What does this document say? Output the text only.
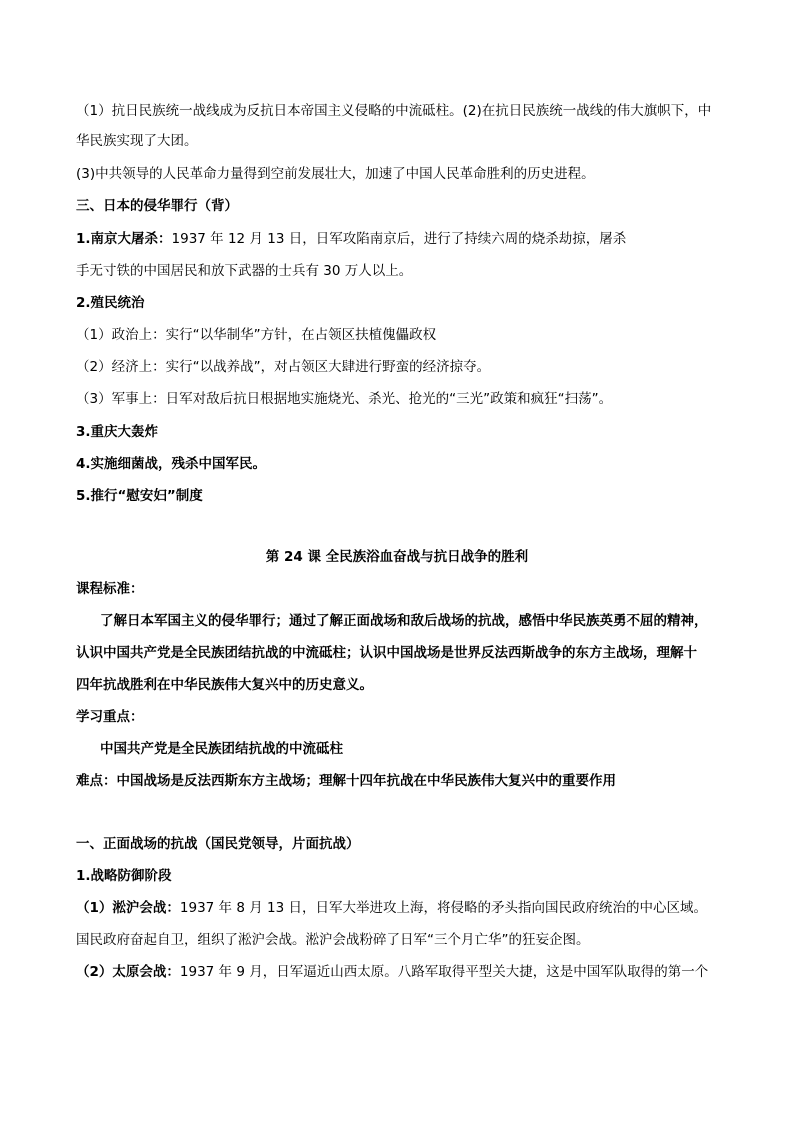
（1）抗日民族统一战线成为反抗日本帝国主义侵略的中流砥柱。(2)在抗日民族统一战线的伟大旗帜下，中
华民族实现了大团。
(3)中共领导的人民革命力量得到空前发展壮大，加速了中国人民革命胜利的历史进程。
三、日本的侵华罪行（背）
1.南京大屠杀：1937 年 12 月 13 日，日军攻陷南京后，进行了持续六周的烧杀劫掠，屠杀
手无寸铁的中国居民和放下武器的士兵有 30 万人以上。
2.殖民统治
（1）政治上：实行“以华制华”方针，在占领区扶植傀儡政权
（2）经济上：实行“以战养战”，对占领区大肆进行野蛮的经济掠夺。
（3）军事上：日军对敌后抗日根据地实施烧光、杀光、抢光的“三光”政策和疯狂“扫荡”。
3.重庆大轰炸
4.实施细菌战，残杀中国军民。
5.推行“慰安妇”制度
第 24 课 全民族浴血奋战与抗日战争的胜利
课程标准：
了解日本军国主义的侵华罪行；通过了解正面战场和敌后战场的抗战，感悟中华民族英勇不屈的精神，
认识中国共产党是全民族团结抗战的中流砥柱；认识中国战场是世界反法西斯战争的东方主战场，理解十
四年抗战胜利在中华民族伟大复兴中的历史意义。
学习重点：
中国共产党是全民族团结抗战的中流砥柱
难点：中国战场是反法西斯东方主战场；理解十四年抗战在中华民族伟大复兴中的重要作用
一、正面战场的抗战（国民党领导，片面抗战）
1.战略防御阶段
（1）淞沪会战：1937 年 8 月 13 日，日军大举进攻上海，将侵略的矛头指向国民政府统治的中心区域。
国民政府奋起自卫，组织了淞沪会战。淞沪会战粉碎了日军“三个月亡华”的狂妄企图。
（2）太原会战：1937 年 9 月，日军逼近山西太原。八路军取得平型关大捷，这是中国军队取得的第一个
